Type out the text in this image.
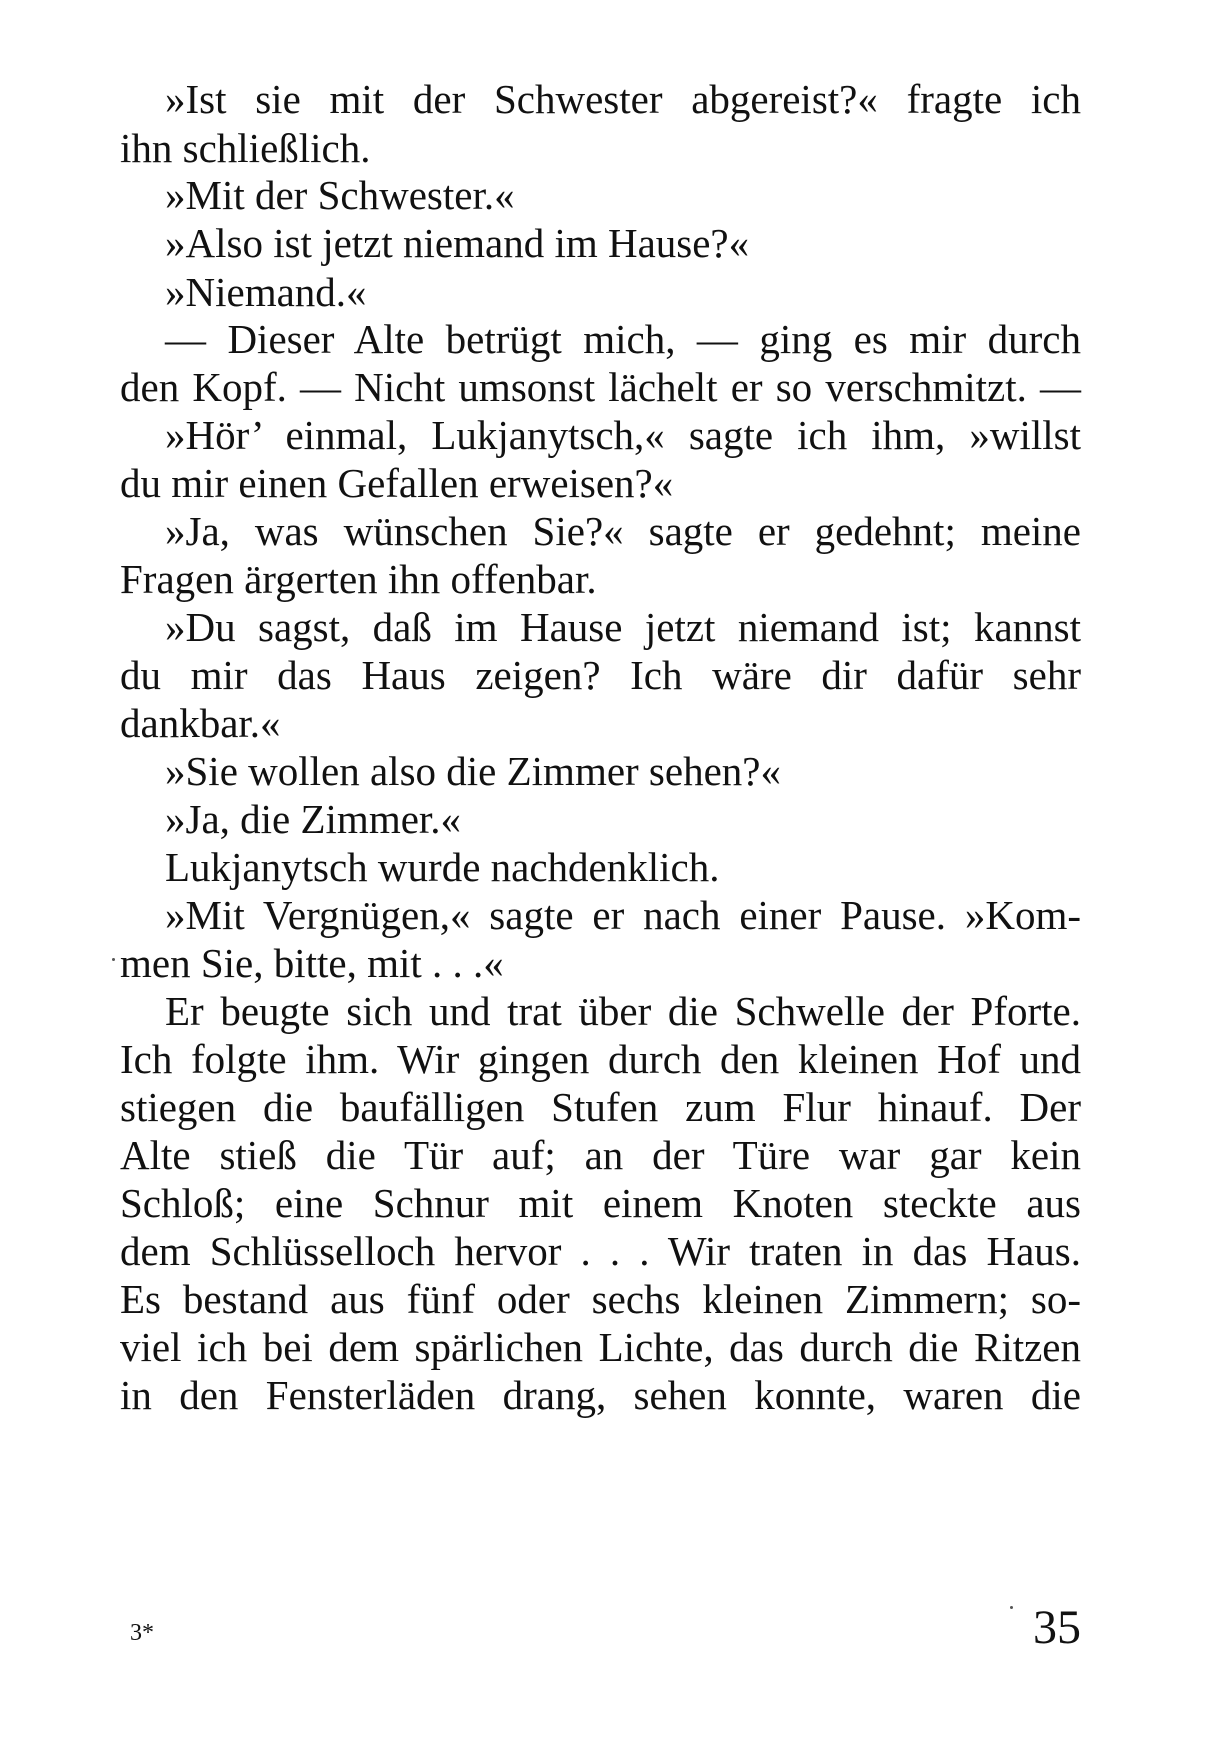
»Ist sie mit der Schwester abgereist?« fragte ich
ihn schließlich.
»Mit der Schwester.«
»Also ist jetzt niemand im Hause?«
»Niemand.«
— Dieser Alte betrügt mich, — ging es mir durch
den Kopf. — Nicht umsonst lächelt er so verschmitzt. —
»Hör’ einmal, Lukjanytsch,« sagte ich ihm, »willst
du mir einen Gefallen erweisen?«
»Ja, was wünschen Sie?« sagte er gedehnt; meine
Fragen ärgerten ihn offenbar.
»Du sagst, daß im Hause jetzt niemand ist; kannst
du mir das Haus zeigen? Ich wäre dir dafür sehr
dankbar.«
»Sie wollen also die Zimmer sehen?«
»Ja, die Zimmer.«
Lukjanytsch wurde nachdenklich.
»Mit Vergnügen,« sagte er nach einer Pause. »Kom-
men Sie, bitte, mit . . .«
Er beugte sich und trat über die Schwelle der Pforte.
Ich folgte ihm. Wir gingen durch den kleinen Hof und
stiegen die baufälligen Stufen zum Flur hinauf. Der
Alte stieß die Tür auf; an der Türe war gar kein
Schloß; eine Schnur mit einem Knoten steckte aus
dem Schlüsselloch hervor . . . Wir traten in das Haus.
Es bestand aus fünf oder sechs kleinen Zimmern; so-
viel ich bei dem spärlichen Lichte, das durch die Ritzen
in den Fensterläden drang, sehen konnte, waren die
3*	35
